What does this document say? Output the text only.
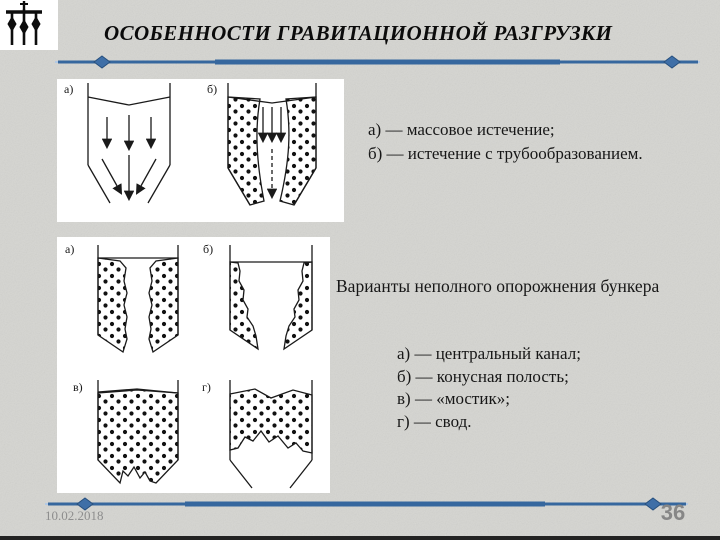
ОСОБЕННОСТИ ГРАВИТАЦИОННОЙ РАЗГРУЗКИ
а)	б)
а) — массовое истечение;
б) — истечение с трубообразованием.
а)	б)
в)	г)
Варианты неполного опорожнения бункера
а) — центральный канал;
б) — конусная полость;
в) — «мостик»;
г) — свод.
10.02.2018	36
